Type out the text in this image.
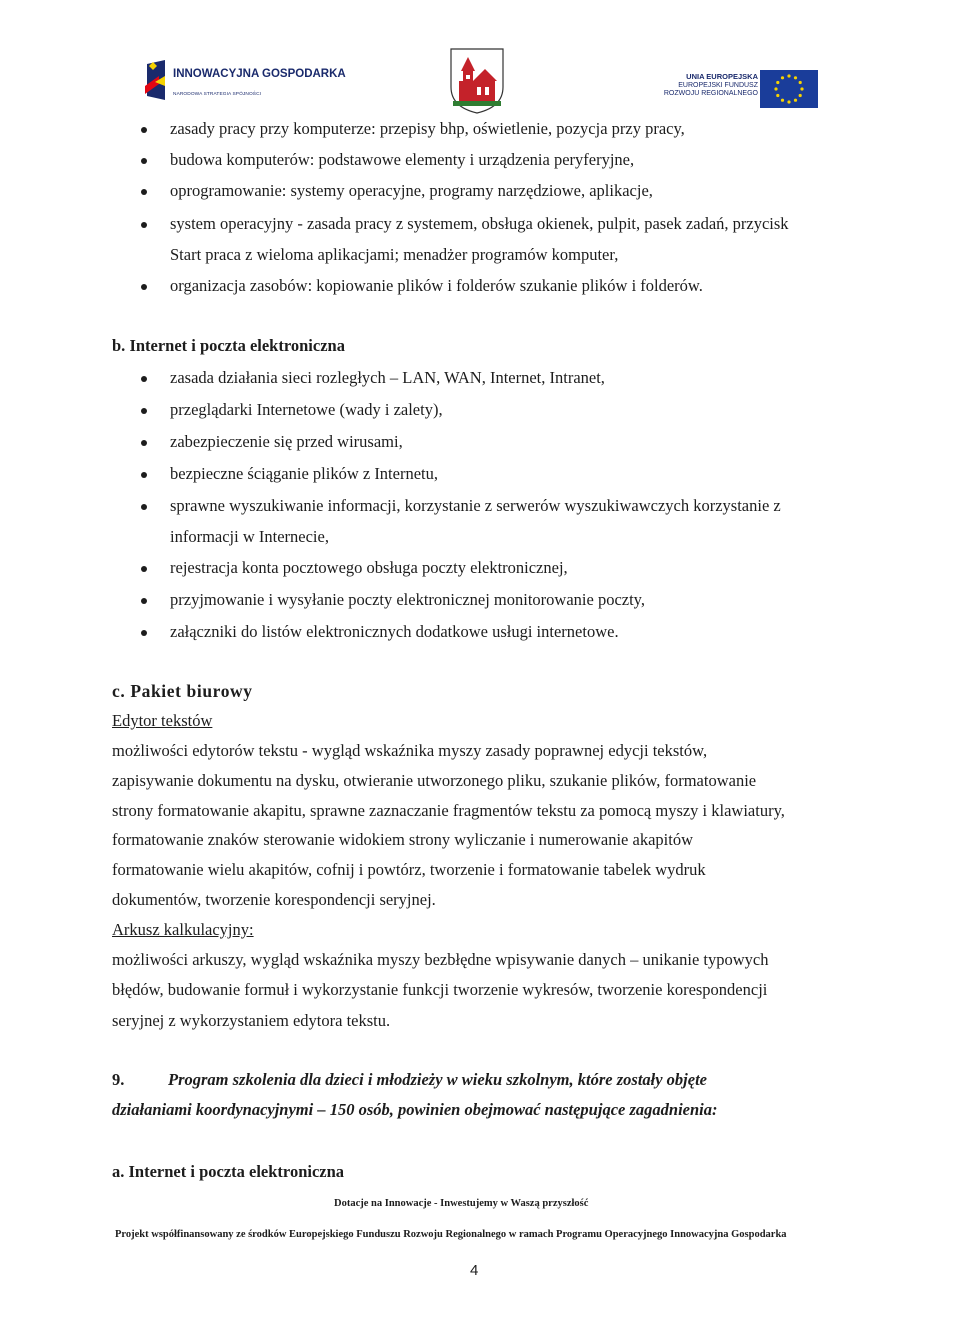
INNOWACYJNA GOSPODARKA
NARODOWA STRATEGIA SPÓJNOŚCI
UNIA EUROPEJSKA
EUROPEJSKI FUNDUSZ
ROZWOJU REGIONALNEGO
zasady pracy przy komputerze: przepisy bhp, oświetlenie, pozycja przy pracy,
budowa komputerów: podstawowe elementy i urządzenia peryferyjne,
oprogramowanie: systemy operacyjne, programy narzędziowe, aplikacje,
system operacyjny - zasada pracy z systemem, obsługa okienek, pulpit, pasek zadań, przycisk
Start praca z wieloma aplikacjami; menadżer programów komputer,
organizacja zasobów: kopiowanie plików i folderów szukanie plików i folderów.
b. Internet i poczta elektroniczna
zasada działania sieci rozległych – LAN, WAN, Internet, Intranet,
przeglądarki Internetowe (wady i zalety),
zabezpieczenie się przed wirusami,
bezpieczne ściąganie plików z Internetu,
sprawne wyszukiwanie informacji, korzystanie z serwerów wyszukiwawczych korzystanie z
informacji w Internecie,
rejestracja konta pocztowego obsługa poczty elektronicznej,
przyjmowanie i wysyłanie poczty elektronicznej monitorowanie poczty,
załączniki do listów elektronicznych dodatkowe usługi internetowe.
c. Pakiet biurowy
Edytor tekstów
możliwości edytorów tekstu - wygląd wskaźnika myszy zasady poprawnej edycji tekstów,
zapisywanie dokumentu na dysku, otwieranie utworzonego pliku, szukanie plików, formatowanie
strony formatowanie akapitu, sprawne zaznaczanie fragmentów tekstu za pomocą myszy i klawiatury,
formatowanie znaków sterowanie widokiem strony wyliczanie i numerowanie akapitów
formatowanie wielu akapitów, cofnij i powtórz, tworzenie i formatowanie tabelek wydruk
dokumentów, tworzenie korespondencji seryjnej.
Arkusz kalkulacyjny:
możliwości arkuszy, wygląd wskaźnika myszy bezbłędne wpisywanie danych – unikanie typowych
błędów, budowanie formuł i wykorzystanie funkcji tworzenie wykresów, tworzenie korespondencji
seryjnej z wykorzystaniem edytora tekstu.
9.	Program szkolenia dla dzieci i młodzieży w wieku szkolnym, które zostały objęte
działaniami koordynacyjnymi – 150 osób, powinien obejmować następujące zagadnienia:
a. Internet i poczta elektroniczna
Dotacje na Innowacje - Inwestujemy w Waszą przyszłość
Projekt współfinansowany ze środków Europejskiego Funduszu Rozwoju Regionalnego w ramach Programu Operacyjnego Innowacyjna Gospodarka
4
